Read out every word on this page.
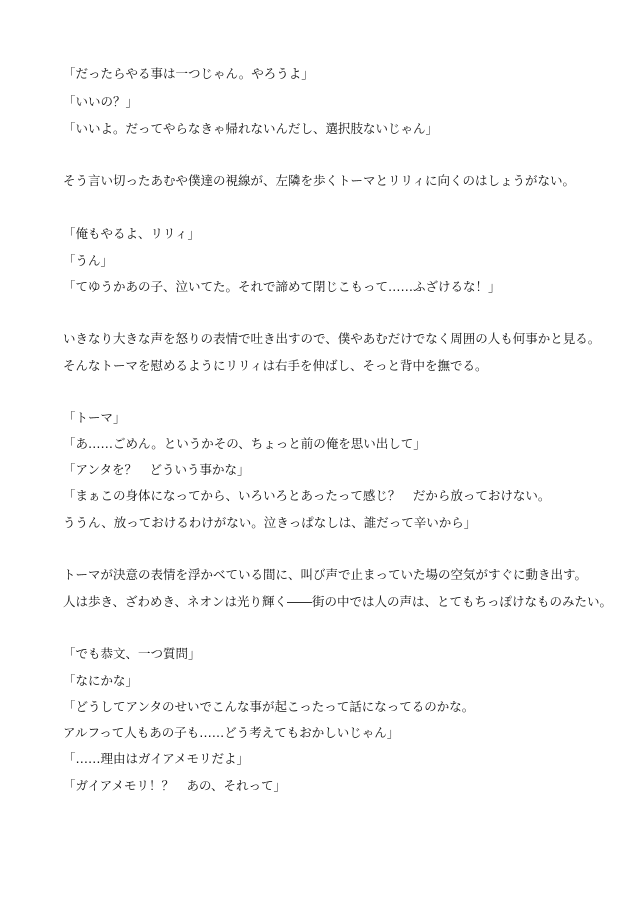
「だったらやる事は一つじゃん。やろうよ」

「いいの？」

「いいよ。だってやらなきゃ帰れないんだし、選択肢ないじゃん」

そう言い切ったあむや僕達の視線が、左隣を歩くトーマとリリィに向くのはしょうがない。

「俺もやるよ、リリィ」

「うん」

「てゆうかあの子、泣いてた。それで諦めて閉じこもって……ふざけるな！」

いきなり大きな声を怒りの表情で吐き出すので、僕やあむだけでなく周囲の人も何事かと見る。

そんなトーマを慰めるようにリリィは右手を伸ばし、そっと背中を撫でる。

「トーマ」

「あ……ごめん。というかその、ちょっと前の俺を思い出して」

「アンタを？　どういう事かな」

「まぁこの身体になってから、いろいろとあったって感じ？　だから放っておけない。

ううん、放っておけるわけがない。泣きっぱなしは、誰だって辛いから」

トーマが決意の表情を浮かべている間に、叫び声で止まっていた場の空気がすぐに動き出す。

人は歩き、ざわめき、ネオンは光り輝く――街の中では人の声は、とてもちっぽけなものみたい。

「でも恭文、一つ質問」

「なにかな」

「どうしてアンタのせいでこんな事が起こったって話になってるのかな。

アルフって人もあの子も……どう考えてもおかしいじゃん」

「……理由はガイアメモリだよ」

「ガイアメモリ！？　あの、それって」
